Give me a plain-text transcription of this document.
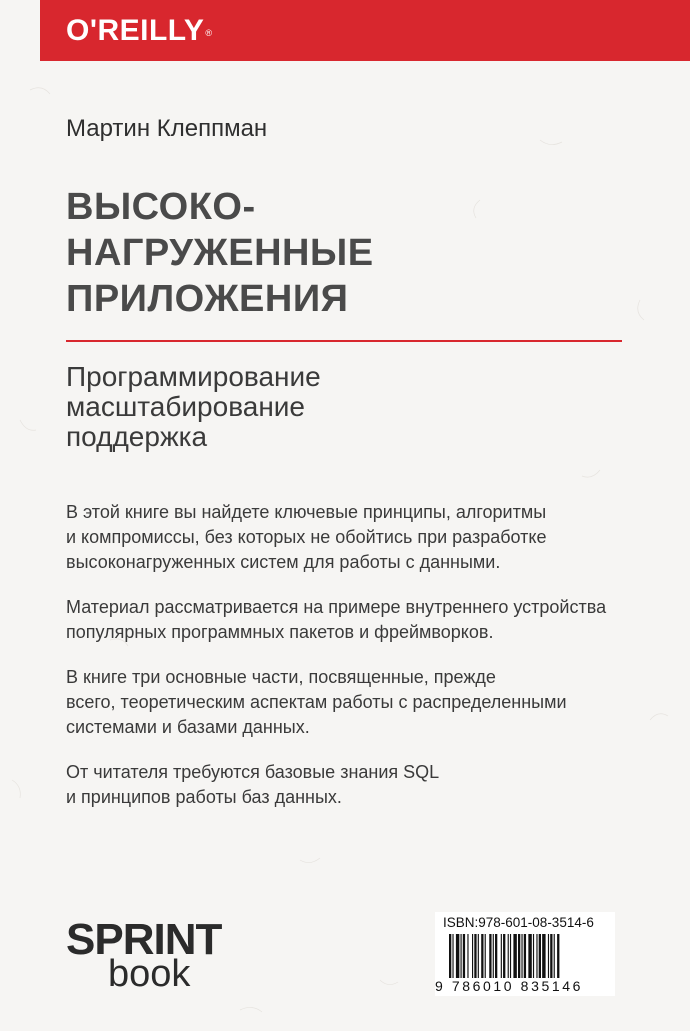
O'REILLY®
Мартин Клеппман
ВЫСОКО-
НАГРУЖЕННЫЕ
ПРИЛОЖЕНИЯ
Программирование
масштабирование
поддержка

В этой книге вы найдете ключевые принципы, алгоритмы
и компромиссы, без которых не обойтись при разработке
высоконагруженных систем для работы с данными.

Материал рассматривается на примере внутреннего устройства
популярных программных пакетов и фреймворков.

В книге три основные части, посвященные, прежде
всего, теоретическим аспектам работы с распределенными
системами и базами данных.

От читателя требуются базовые знания SQL
и принципов работы баз данных.

SPRINT
book
ISBN:978-601-08-3514-6
9 786010 835146
